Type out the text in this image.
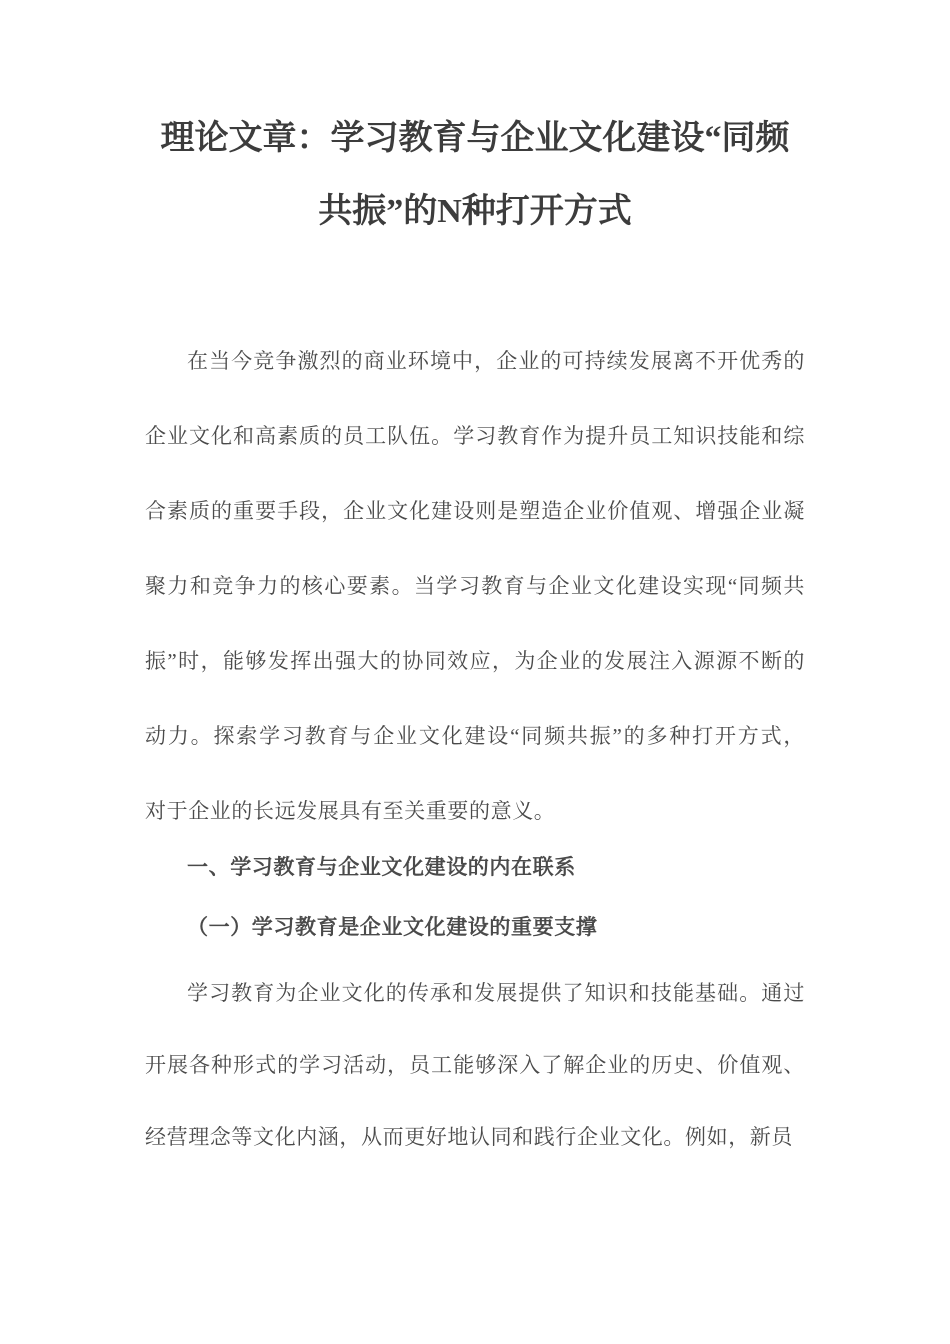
理论文章：学习教育与企业文化建设“同频
共振”的N种打开方式
在当今竞争激烈的商业环境中，企业的可持续发展离不开优秀的
企业文化和高素质的员工队伍。学习教育作为提升员工知识技能和综
合素质的重要手段，企业文化建设则是塑造企业价值观、增强企业凝
聚力和竞争力的核心要素。当学习教育与企业文化建设实现“同频共
振”时，能够发挥出强大的协同效应，为企业的发展注入源源不断的
动力。探索学习教育与企业文化建设“同频共振”的多种打开方式，
对于企业的长远发展具有至关重要的意义。
一、学习教育与企业文化建设的内在联系
（一）学习教育是企业文化建设的重要支撑
学习教育为企业文化的传承和发展提供了知识和技能基础。通过
开展各种形式的学习活动，员工能够深入了解企业的历史、价值观、
经营理念等文化内涵，从而更好地认同和践行企业文化。例如，新员
